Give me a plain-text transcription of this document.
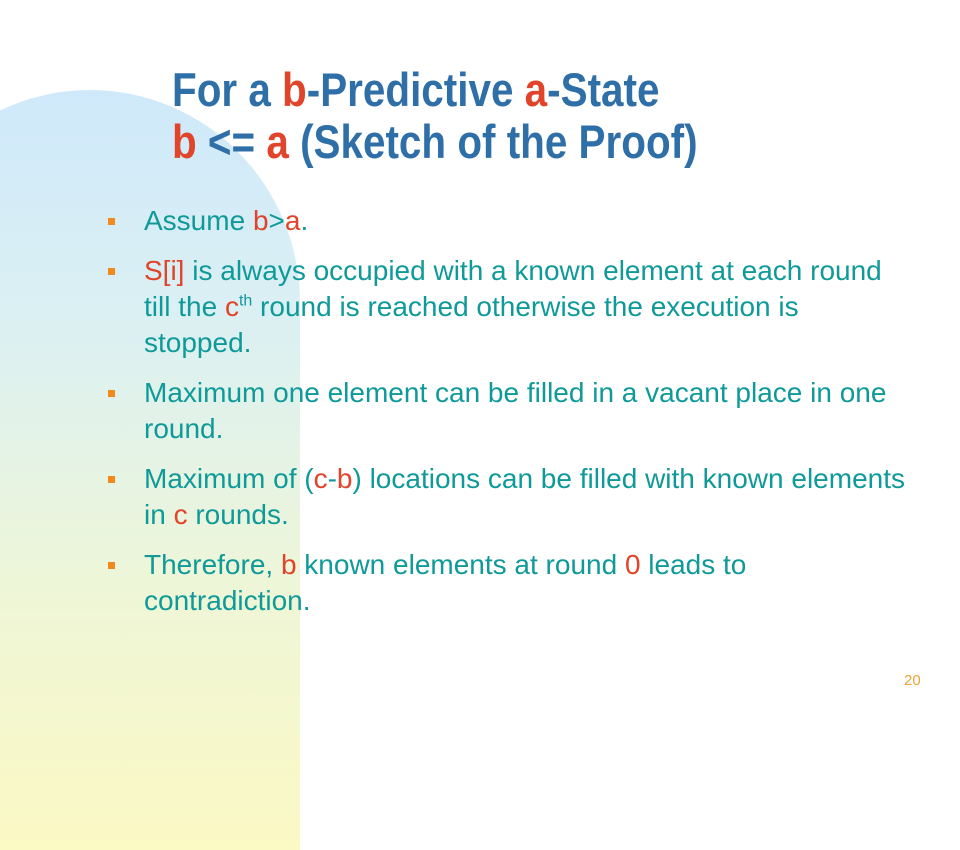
For a b-Predictive a-State
b <= a (Sketch of the Proof)
Assume b>a.
S[i] is always occupied with a known element at each round till the $c^{th}$ round is reached otherwise the execution is stopped.
Maximum one element can be filled in a vacant place in one round.
Maximum of (c-b) locations can be filled with known elements in c rounds.
Therefore, b known elements at round 0 leads to contradiction.
20
